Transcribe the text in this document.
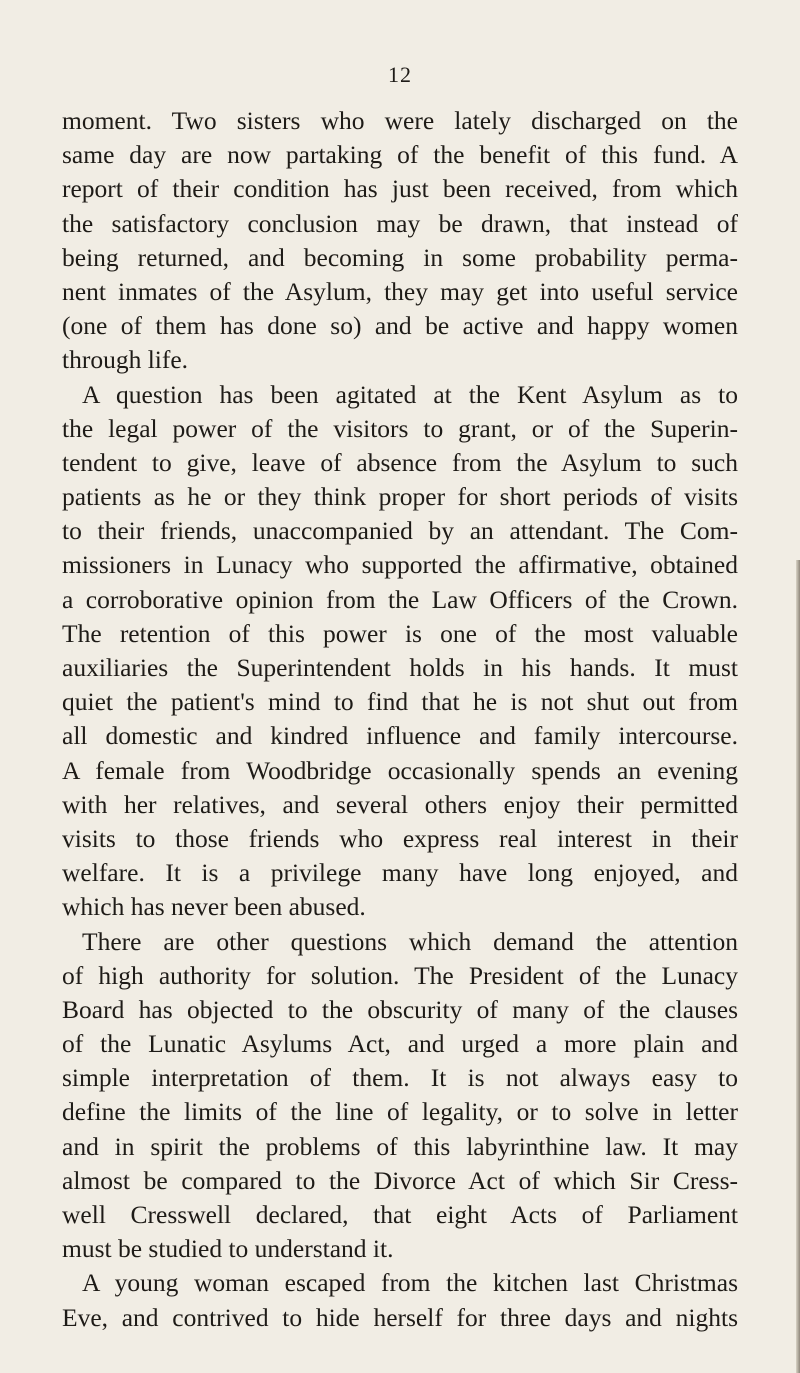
12
moment. Two sisters who were lately discharged on the
same day are now partaking of the benefit of this fund. A
report of their condition has just been received, from which
the satisfactory conclusion may be drawn, that instead of
being returned, and becoming in some probability perma-
nent inmates of the Asylum, they may get into useful service
(one of them has done so) and be active and happy women
through life.
A question has been agitated at the Kent Asylum as to
the legal power of the visitors to grant, or of the Superin-
tendent to give, leave of absence from the Asylum to such
patients as he or they think proper for short periods of visits
to their friends, unaccompanied by an attendant. The Com-
missioners in Lunacy who supported the affirmative, obtained
a corroborative opinion from the Law Officers of the Crown.
The retention of this power is one of the most valuable
auxiliaries the Superintendent holds in his hands. It must
quiet the patient's mind to find that he is not shut out from
all domestic and kindred influence and family intercourse.
A female from Woodbridge occasionally spends an evening
with her relatives, and several others enjoy their permitted
visits to those friends who express real interest in their
welfare. It is a privilege many have long enjoyed, and
which has never been abused.
There are other questions which demand the attention
of high authority for solution. The President of the Lunacy
Board has objected to the obscurity of many of the clauses
of the Lunatic Asylums Act, and urged a more plain and
simple interpretation of them. It is not always easy to
define the limits of the line of legality, or to solve in letter
and in spirit the problems of this labyrinthine law. It may
almost be compared to the Divorce Act of which Sir Cress-
well Cresswell declared, that eight Acts of Parliament
must be studied to understand it.
A young woman escaped from the kitchen last Christmas
Eve, and contrived to hide herself for three days and nights
